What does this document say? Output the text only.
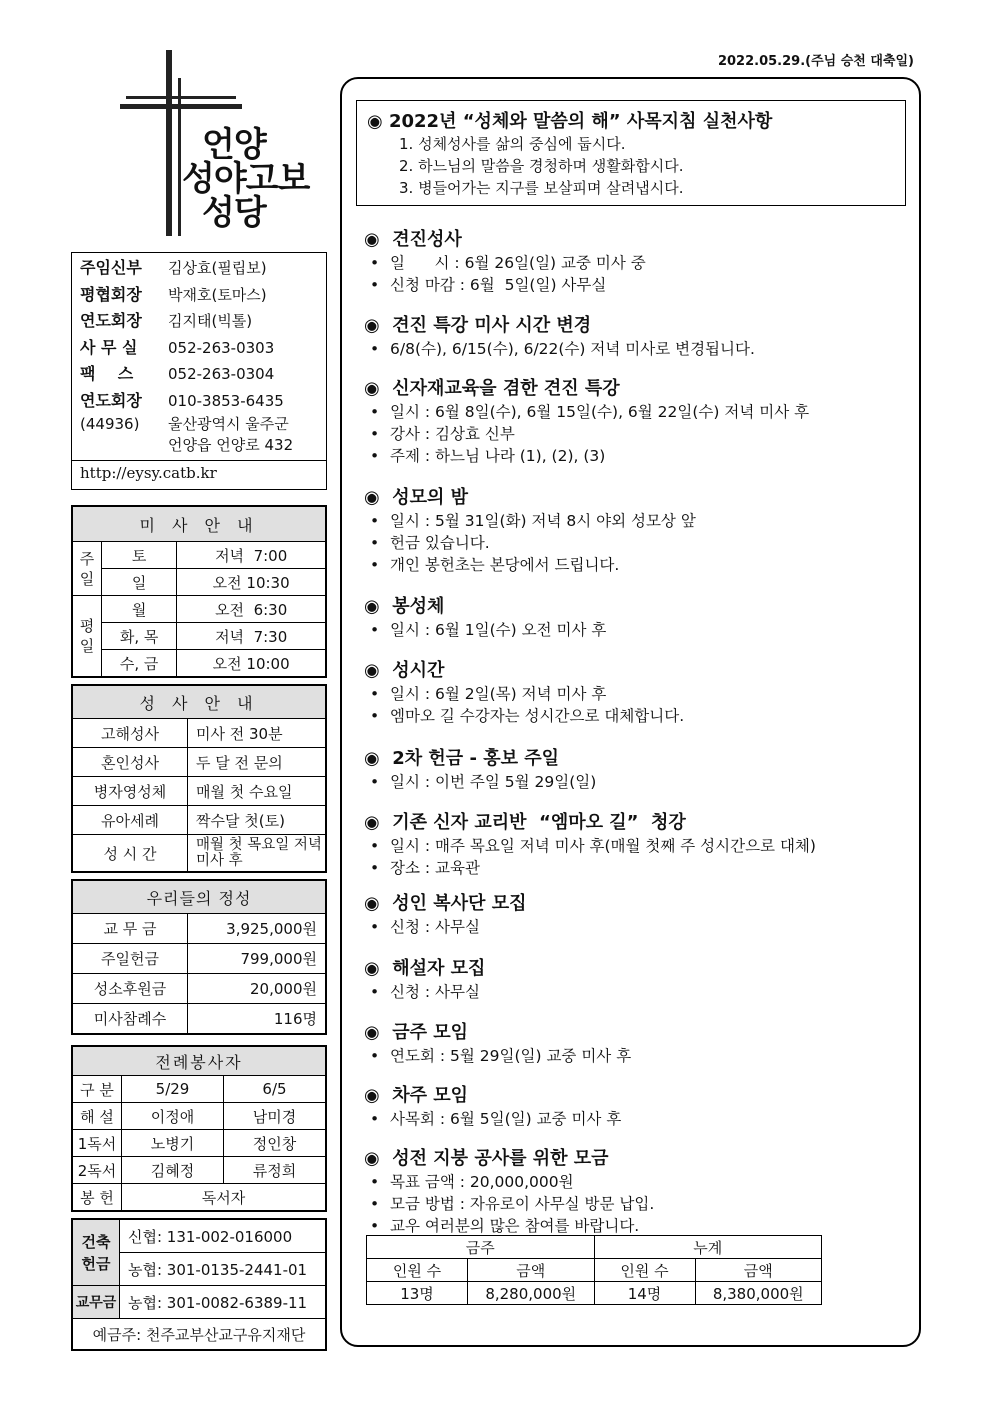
2022.05.29.(주님 승천 대축일)
언양
성야고보
성당
주임신부	김상효(필립보)
평협회장	박재호(토마스)
연도회장	김지태(빅톨)
사 무 실	052-263-0303
팩    스	052-263-0304
연도회장	010-3853-6435
(44936)	울산광역시 울주군
언양읍 언양로 432
http://eysy.catb.kr
미 사 안 내		
주일	토	저녁  7:00
	일	오전 10:30
평일	월	오전  6:30
	화, 목	저녁  7:30
	수, 금	오전 10:00
성 사 안 내	
고해성사	미사 전 30분
혼인성사	두 달 전 문의
병자영성체	매월 첫 수요일
유아세례	짝수달 첫(토)
성 시 간	매월 첫 목요일 저녁미사 후
우리들의 정성	
교 무 금	3,925,000원
주일헌금	799,000원
성소후원금	20,000원
미사참례수	116명
전례봉사자		
구 분	5/29	6/5
해 설	이정애	남미경
1독서	노병기	정인창
2독서	김혜정	류정희
봉 헌	독서자	
건축헌금	신협: 131-002-016000
	농협: 301-0135-2441-01
교무금	농협: 301-0082-6389-11
예금주: 천주교부산교구유지재단	
◉ 2022년 “성체와 말씀의 해” 사목지침 실천사항
1. 성체성사를 삶의 중심에 둡시다.
2. 하느님의 말씀을 경청하며 생활화합시다.
3. 병들어가는 지구를 보살피며 살려냅시다.
◉  견진성사
• 일      시 : 6월 26일(일) 교중 미사 중
• 신청 마감 : 6월  5일(일) 사무실
◉  견진 특강 미사 시간 변경
• 6/8(수), 6/15(수), 6/22(수) 저녁 미사로 변경됩니다.
◉  신자재교육을 겸한 견진 특강
• 일시 : 6월 8일(수), 6월 15일(수), 6월 22일(수) 저녁 미사 후
• 강사 : 김상효 신부
• 주제 : 하느님 나라 (1), (2), (3)
◉  성모의 밤
• 일시 : 5월 31일(화) 저녁 8시 야외 성모상 앞
• 헌금 있습니다.
• 개인 봉헌초는 본당에서 드립니다.
◉  봉성체
• 일시 : 6월 1일(수) 오전 미사 후
◉  성시간
• 일시 : 6월 2일(목) 저녁 미사 후
• 엠마오 길 수강자는 성시간으로 대체합니다.
◉  2차 헌금 - 홍보 주일
• 일시 : 이번 주일 5월 29일(일)
◉  기존 신자 교리반  “엠마오 길”  청강
• 일시 : 매주 목요일 저녁 미사 후(매월 첫째 주 성시간으로 대체)
• 장소 : 교육관
◉  성인 복사단 모집
• 신청 : 사무실
◉  해설자 모집
• 신청 : 사무실
◉  금주 모임
• 연도회 : 5월 29일(일) 교중 미사 후
◉  차주 모임
• 사목회 : 6월 5일(일) 교중 미사 후
◉  성전 지붕 공사를 위한 모금
• 목표 금액 : 20,000,000원
• 모금 방법 : 자유로이 사무실 방문 납입.
• 교우 여러분의 많은 참여를 바랍니다.
금주		누계	
인원 수	금액	인원 수	금액
13명	8,280,000원	14명	8,380,000원
